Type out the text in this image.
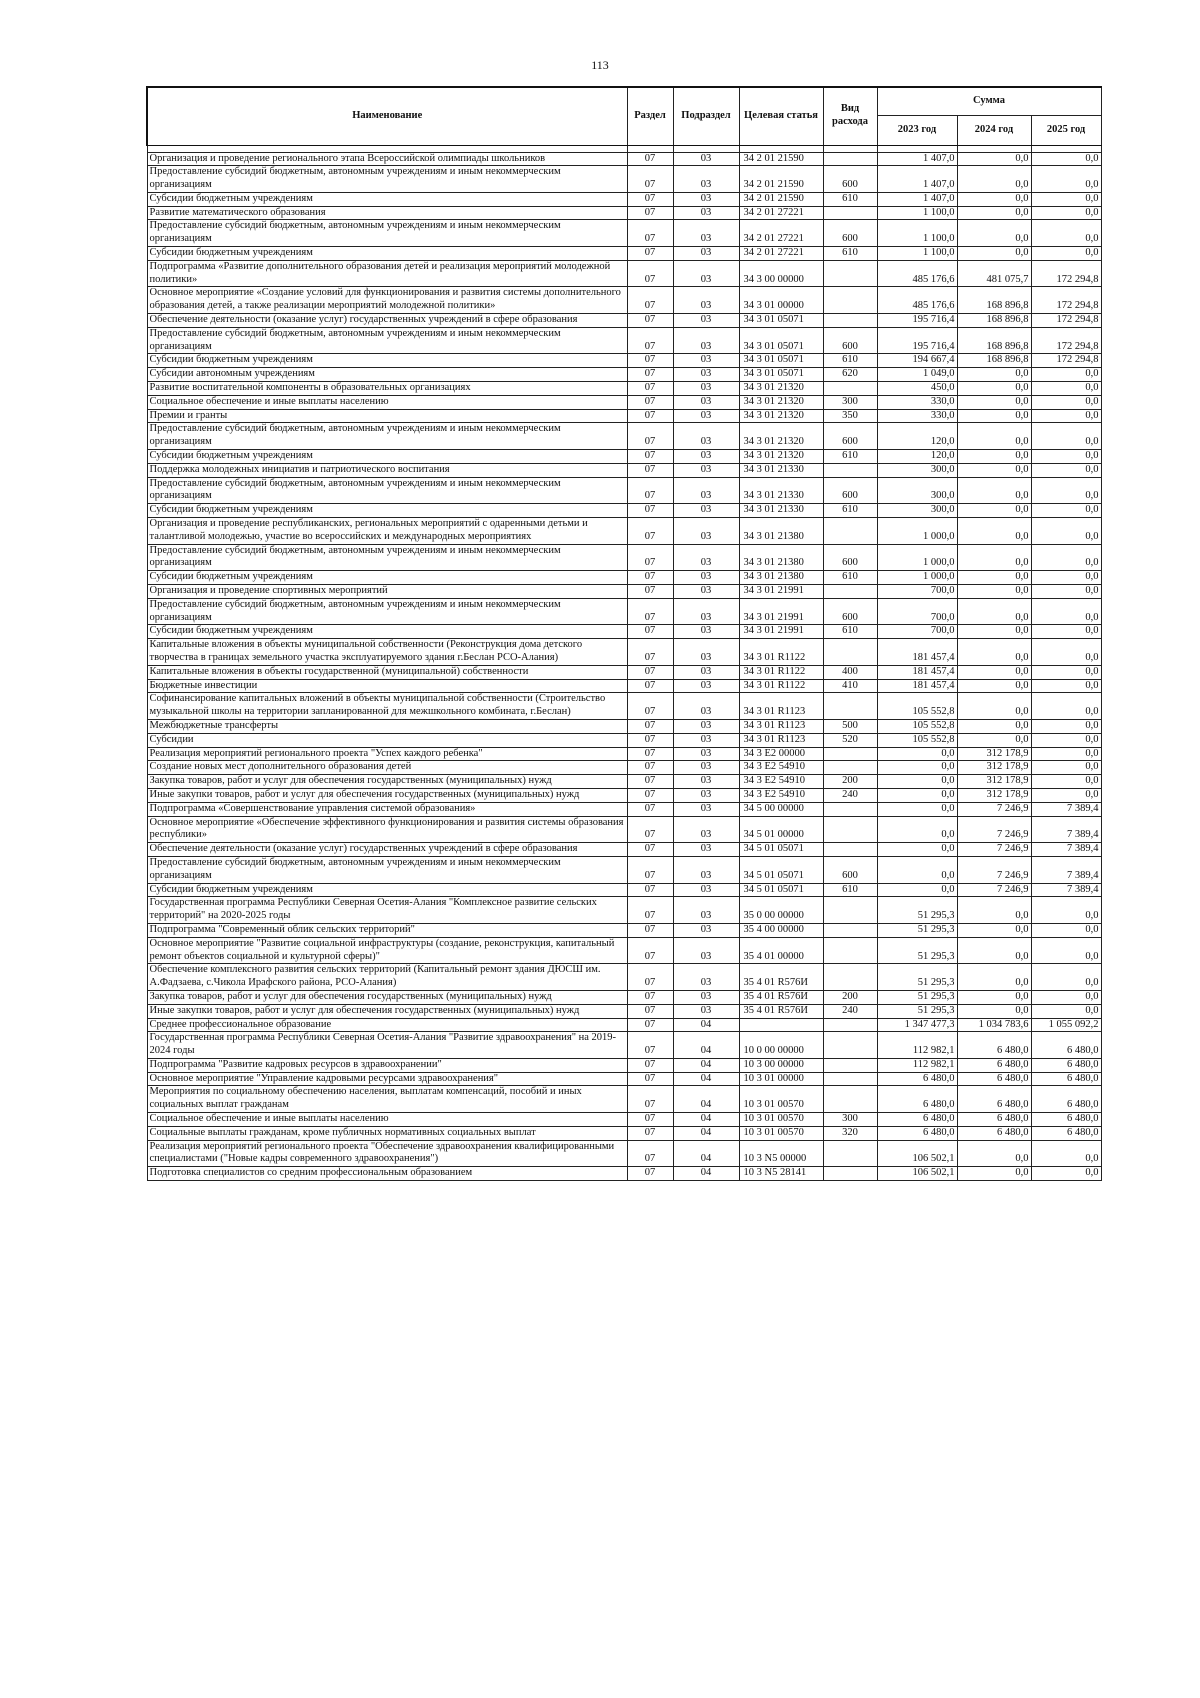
113
Наименование	Раздел	Подраздел	Целевая статья	Вид расхода	Сумма		
					2023 год	2024 год	2025 год

Организация и проведение регионального этапа Всероссийской олимпиады школьников	07	03	34 2 01 21590		1 407,0	0,0	0,0
Предоставление субсидий бюджетным, автономным учреждениям и иным некоммерческим организациям	07	03	34 2 01 21590	600	1 407,0	0,0	0,0
Субсидии бюджетным учреждениям	07	03	34 2 01 21590	610	1 407,0	0,0	0,0
Развитие математического образования	07	03	34 2 01 27221		1 100,0	0,0	0,0
Предоставление субсидий бюджетным, автономным учреждениям и иным некоммерческим организациям	07	03	34 2 01 27221	600	1 100,0	0,0	0,0
Субсидии бюджетным учреждениям	07	03	34 2 01 27221	610	1 100,0	0,0	0,0
Подпрограмма «Развитие дополнительного образования детей и реализация мероприятий молодежной политики»	07	03	34 3 00 00000		485 176,6	481 075,7	172 294,8
Основное мероприятие «Создание условий для функционирования и развития системы дополнительного образования детей, а также реализации мероприятий молодежной политики»	07	03	34 3 01 00000		485 176,6	168 896,8	172 294,8
Обеспечение деятельности (оказание услуг) государственных учреждений в сфере образования	07	03	34 3 01 05071		195 716,4	168 896,8	172 294,8
Предоставление субсидий бюджетным, автономным учреждениям и иным некоммерческим организациям	07	03	34 3 01 05071	600	195 716,4	168 896,8	172 294,8
Субсидии бюджетным учреждениям	07	03	34 3 01 05071	610	194 667,4	168 896,8	172 294,8
Субсидии автономным учреждениям	07	03	34 3 01 05071	620	1 049,0	0,0	0,0
Развитие воспитательной компоненты в образовательных организациях	07	03	34 3 01 21320		450,0	0,0	0,0
Социальное обеспечение и иные выплаты населению	07	03	34 3 01 21320	300	330,0	0,0	0,0
Премии и гранты	07	03	34 3 01 21320	350	330,0	0,0	0,0
Предоставление субсидий бюджетным, автономным учреждениям и иным некоммерческим организациям	07	03	34 3 01 21320	600	120,0	0,0	0,0
Субсидии бюджетным учреждениям	07	03	34 3 01 21320	610	120,0	0,0	0,0
Поддержка молодежных инициатив и патриотического воспитания	07	03	34 3 01 21330		300,0	0,0	0,0
Предоставление субсидий бюджетным, автономным учреждениям и иным некоммерческим организациям	07	03	34 3 01 21330	600	300,0	0,0	0,0
Субсидии бюджетным учреждениям	07	03	34 3 01 21330	610	300,0	0,0	0,0
Организация и проведение республиканских, региональных мероприятий с одаренными детьми и талантливой молодежью, участие во всероссийских и международных мероприятиях	07	03	34 3 01 21380		1 000,0	0,0	0,0
Предоставление субсидий бюджетным, автономным учреждениям и иным некоммерческим организациям	07	03	34 3 01 21380	600	1 000,0	0,0	0,0
Субсидии бюджетным учреждениям	07	03	34 3 01 21380	610	1 000,0	0,0	0,0
Организация и проведение спортивных мероприятий	07	03	34 3 01 21991		700,0	0,0	0,0
Предоставление субсидий бюджетным, автономным учреждениям и иным некоммерческим организациям	07	03	34 3 01 21991	600	700,0	0,0	0,0
Субсидии бюджетным учреждениям	07	03	34 3 01 21991	610	700,0	0,0	0,0
Капитальные вложения в объекты муниципальной собственности (Реконструкция дома детского творчества в границах земельного участка эксплуатируемого здания г.Беслан РСО-Алания)	07	03	34 3 01 R1122		181 457,4	0,0	0,0
Капитальные вложения в объекты государственной (муниципальной) собственности	07	03	34 3 01 R1122	400	181 457,4	0,0	0,0
Бюджетные инвестиции	07	03	34 3 01 R1122	410	181 457,4	0,0	0,0
Софинансирование капитальных вложений в объекты муниципальной собственности (Строительство музыкальной школы на территории запланированной для межшкольного комбината, г.Беслан)	07	03	34 3 01 R1123		105 552,8	0,0	0,0
Межбюджетные трансферты	07	03	34 3 01 R1123	500	105 552,8	0,0	0,0
Субсидии	07	03	34 3 01 R1123	520	105 552,8	0,0	0,0
Реализация мероприятий регионального проекта "Успех каждого ребенка"	07	03	34 3 E2 00000		0,0	312 178,9	0,0
Создание новых мест дополнительного образования детей	07	03	34 3 E2 54910		0,0	312 178,9	0,0
Закупка товаров, работ и услуг для обеспечения государственных (муниципальных) нужд	07	03	34 3 E2 54910	200	0,0	312 178,9	0,0
Иные закупки товаров, работ и услуг для обеспечения государственных (муниципальных) нужд	07	03	34 3 E2 54910	240	0,0	312 178,9	0,0
Подпрограмма «Совершенствование управления системой образования»	07	03	34 5 00 00000		0,0	7 246,9	7 389,4
Основное мероприятие «Обеспечение эффективного функционирования и развития системы образования республики»	07	03	34 5 01 00000		0,0	7 246,9	7 389,4
Обеспечение деятельности (оказание услуг) государственных учреждений в сфере образования	07	03	34 5 01 05071		0,0	7 246,9	7 389,4
Предоставление субсидий бюджетным, автономным учреждениям и иным некоммерческим организациям	07	03	34 5 01 05071	600	0,0	7 246,9	7 389,4
Субсидии бюджетным учреждениям	07	03	34 5 01 05071	610	0,0	7 246,9	7 389,4
Государственная программа Республики Северная Осетия-Алания "Комплексное развитие сельских территорий" на 2020-2025 годы	07	03	35 0 00 00000		51 295,3	0,0	0,0
Подпрограмма "Современный облик сельских территорий"	07	03	35 4 00 00000		51 295,3	0,0	0,0
Основное мероприятие "Развитие социальной инфраструктуры (создание, реконструкция, капитальный ремонт объектов социальной и культурной сферы)"	07	03	35 4 01 00000		51 295,3	0,0	0,0
Обеспечение комплексного развития сельских территорий (Капитальный ремонт здания ДЮСШ им. А.Фадзаева, с.Чикола Ирафского района, РСО-Алания)	07	03	35 4 01 R576И		51 295,3	0,0	0,0
Закупка товаров, работ и услуг для обеспечения государственных (муниципальных) нужд	07	03	35 4 01 R576И	200	51 295,3	0,0	0,0
Иные закупки товаров, работ и услуг для обеспечения государственных (муниципальных) нужд	07	03	35 4 01 R576И	240	51 295,3	0,0	0,0
Среднее профессиональное образование	07	04			1 347 477,3	1 034 783,6	1 055 092,2
Государственная программа Республики Северная Осетия-Алания "Развитие здравоохранения" на 2019-2024 годы	07	04	10 0 00 00000		112 982,1	6 480,0	6 480,0
Подпрограмма "Развитие кадровых ресурсов в здравоохранении"	07	04	10 3 00 00000		112 982,1	6 480,0	6 480,0
Основное мероприятие "Управление кадровыми ресурсами здравоохранения"	07	04	10 3 01 00000		6 480,0	6 480,0	6 480,0
Мероприятия по социальному обеспечению населения, выплатам компенсаций, пособий и иных социальных выплат гражданам	07	04	10 3 01 00570		6 480,0	6 480,0	6 480,0
Социальное обеспечение и иные выплаты населению	07	04	10 3 01 00570	300	6 480,0	6 480,0	6 480,0
Социальные выплаты гражданам, кроме публичных нормативных социальных выплат	07	04	10 3 01 00570	320	6 480,0	6 480,0	6 480,0
Реализация мероприятий регионального проекта "Обеспечение здравоохранения квалифицированными специалистами ("Новые кадры современного здравоохранения")	07	04	10 3 N5 00000		106 502,1	0,0	0,0
Подготовка специалистов со средним профессиональным образованием	07	04	10 3 N5 28141		106 502,1	0,0	0,0
